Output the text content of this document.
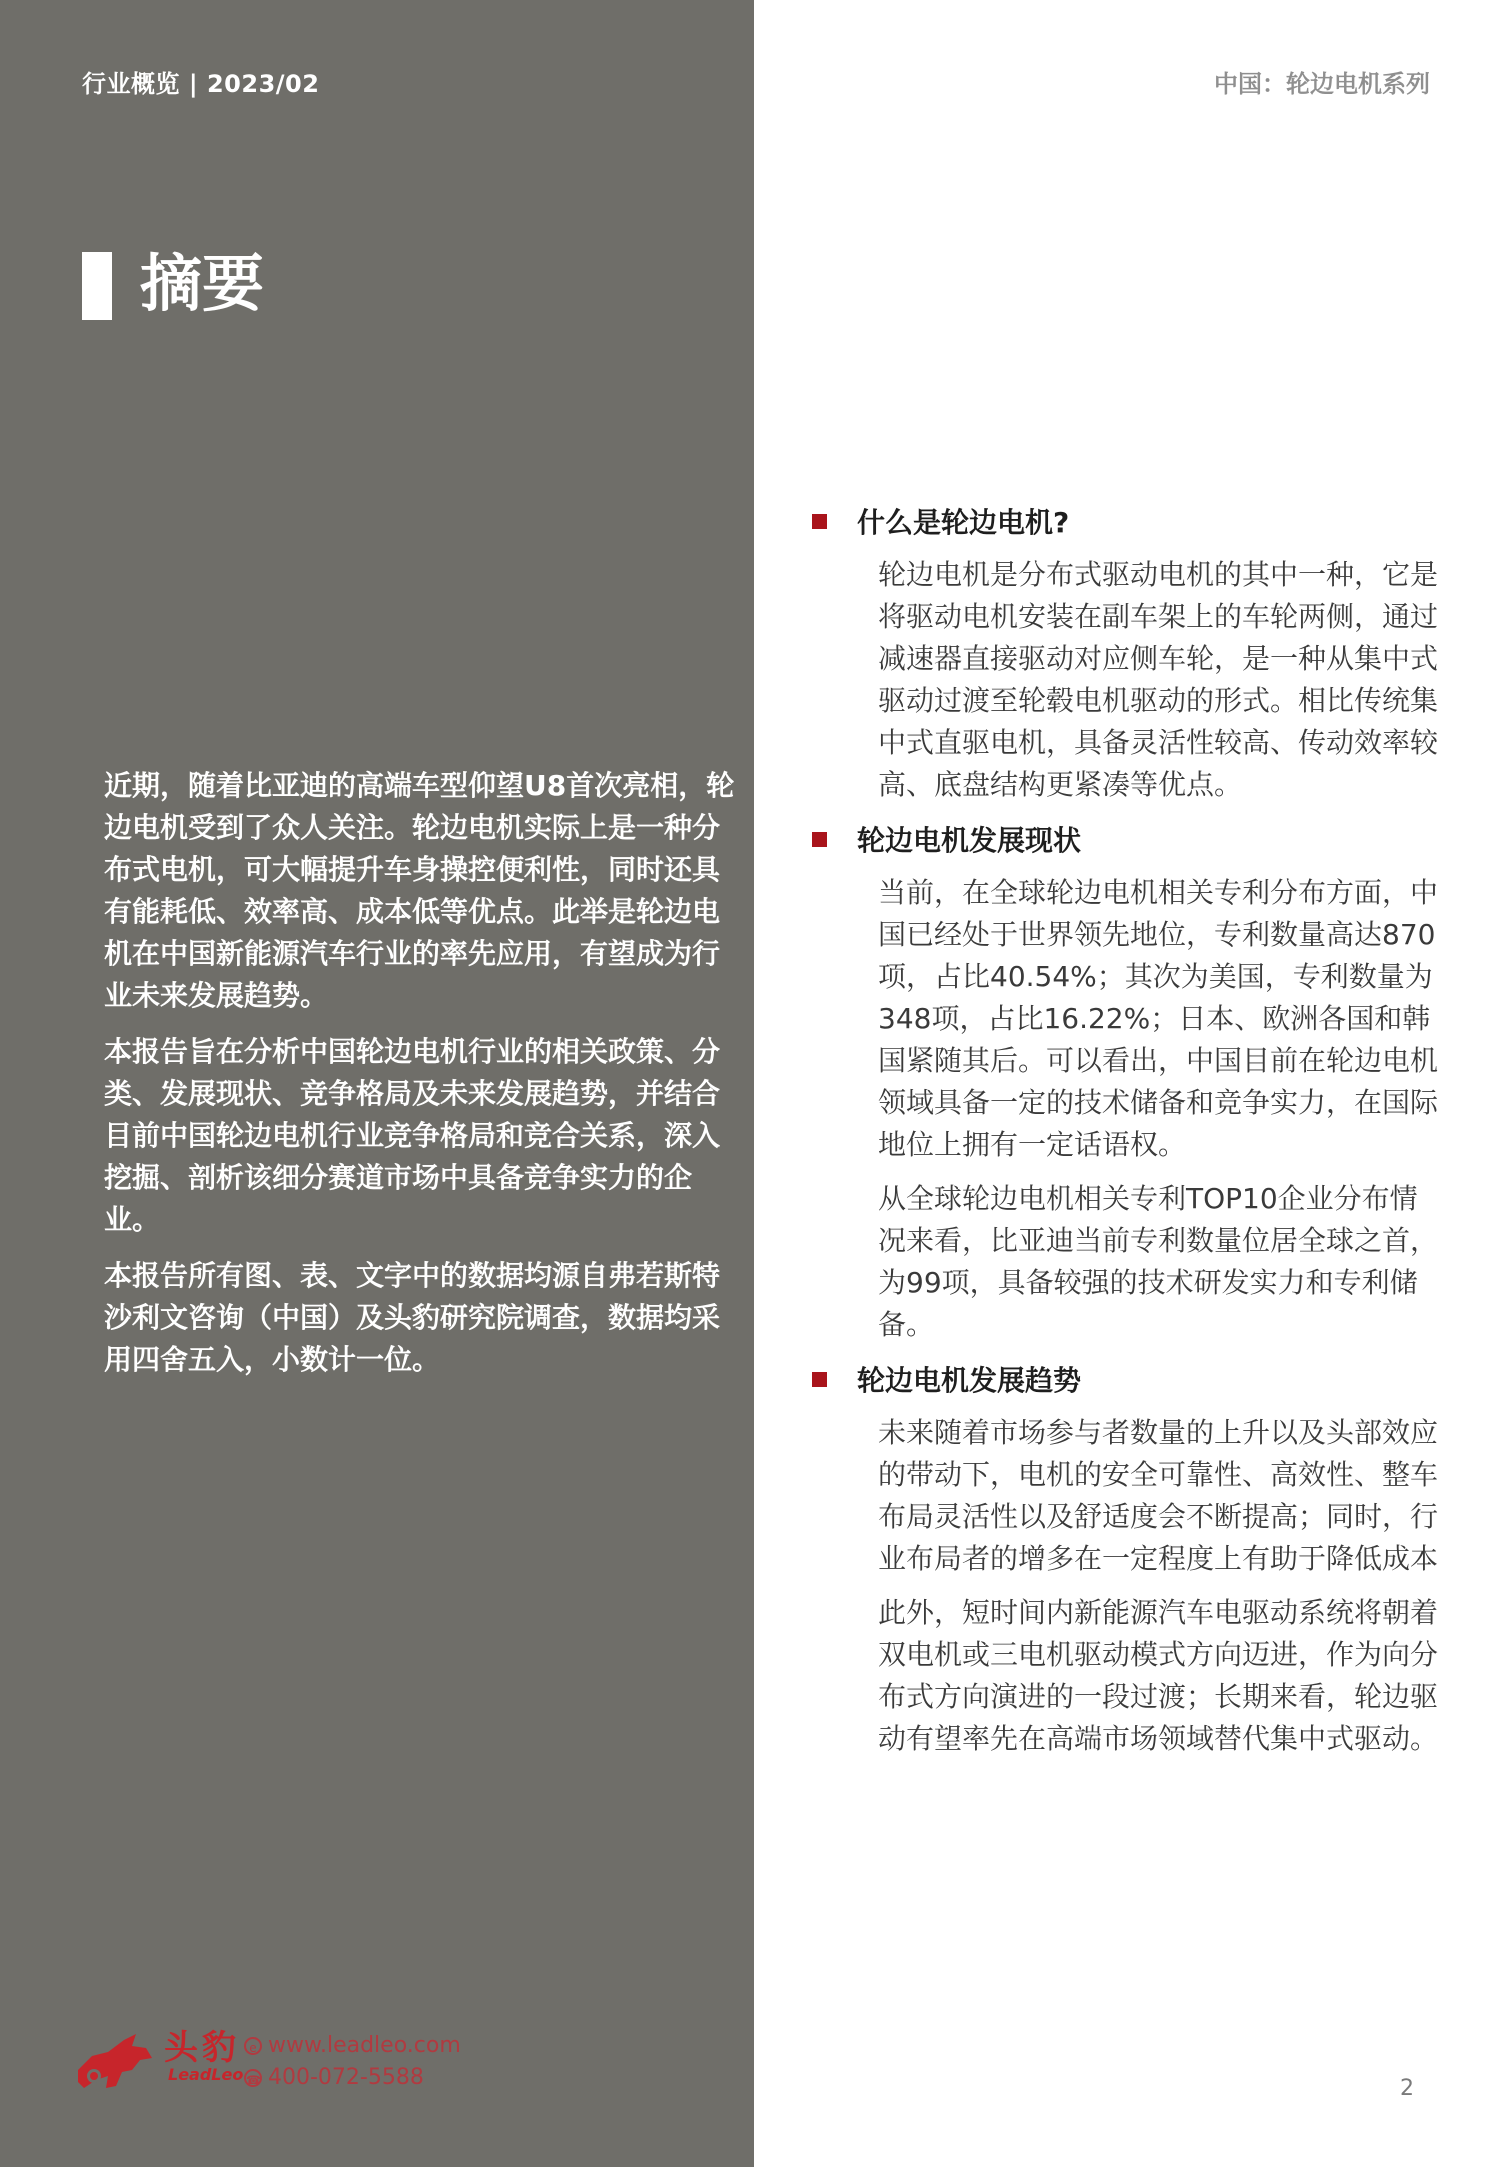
行业概览 | 2023/02	中国：轮边电机系列
摘要

近期，随着比亚迪的高端车型仰望U8首次亮相，轮边电机受到了众人关注。轮边电机实际上是一种分布式电机，可大幅提升车身操控便利性，同时还具有能耗低、效率高、成本低等优点。此举是轮边电机在中国新能源汽车行业的率先应用，有望成为行业未来发展趋势。

本报告旨在分析中国轮边电机行业的相关政策、分类、发展现状、竞争格局及未来发展趋势，并结合目前中国轮边电机行业竞争格局和竞合关系，深入挖掘、剖析该细分赛道市场中具备竞争实力的企业。

本报告所有图、表、文字中的数据均源自弗若斯特沙利文咨询（中国）及头豹研究院调查，数据均采用四舍五入，小数计一位。

什么是轮边电机?

轮边电机是分布式驱动电机的其中一种，它是将驱动电机安装在副车架上的车轮两侧，通过减速器直接驱动对应侧车轮，是一种从集中式驱动过渡至轮毂电机驱动的形式。相比传统集中式直驱电机，具备灵活性较高、传动效率较高、底盘结构更紧凑等优点。

轮边电机发展现状

当前，在全球轮边电机相关专利分布方面，中国已经处于世界领先地位，专利数量高达870项，占比40.54%；其次为美国，专利数量为348项，占比16.22%；日本、欧洲各国和韩国紧随其后。可以看出，中国目前在轮边电机领域具备一定的技术储备和竞争实力，在国际地位上拥有一定话语权。

从全球轮边电机相关专利TOP10企业分布情况来看，比亚迪当前专利数量位居全球之首，为99项，具备较强的技术研发实力和专利储备。

轮边电机发展趋势

未来随着市场参与者数量的上升以及头部效应的带动下，电机的安全可靠性、高效性、整车布局灵活性以及舒适度会不断提高；同时，行业布局者的增多在一定程度上有助于降低成本

此外，短时间内新能源汽车电驱动系统将朝着双电机或三电机驱动模式方向迈进，作为向分布式方向演进的一段过渡；长期来看，轮边驱动有望率先在高端市场领域替代集中式驱动。

头豹
LeadLeo
e www.leadleo.com
☎ 400-072-5588	2
